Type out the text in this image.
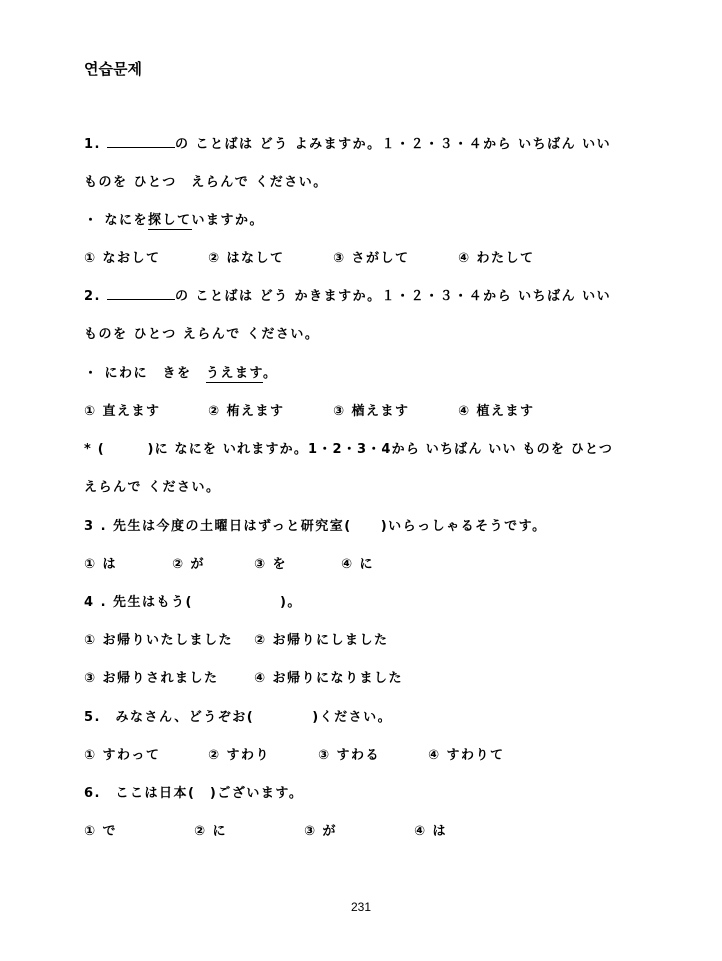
연습문제
1.	の ことばは どう よみますか。１・２・３・４から いちばん いい
ものを ひとつ　えらんで ください。
・ なにを探していますか。
① なおして	② はなして	③ さがして	④ わたして
2.	の ことばは どう かきますか。１・２・３・４から いちばん いい
ものを ひとつ えらんで ください。
・ にわに　きを　うえます。
① 直えます	② 栯えます	③ 楢えます	④ 植えます
* (　　　)に なにを いれますか。1・2・3・4から いちばん いい ものを ひとつ
えらんで ください。
3 . 先生は今度の土曜日はずっと研究室(　　)いらっしゃるそうです。
① は	② が	③ を	④ に
4 . 先生はもう(　　　　　　)。
① お帰りいたしました ② お帰りにしました
③ お帰りされました	④ お帰りになりました
5.　みなさん、どうぞお(　　　　)ください。
① すわって	② すわり	③ すわる	④ すわりて
6.　ここは日本(　)ございます。
① で	② に	③ が	④ は
231
